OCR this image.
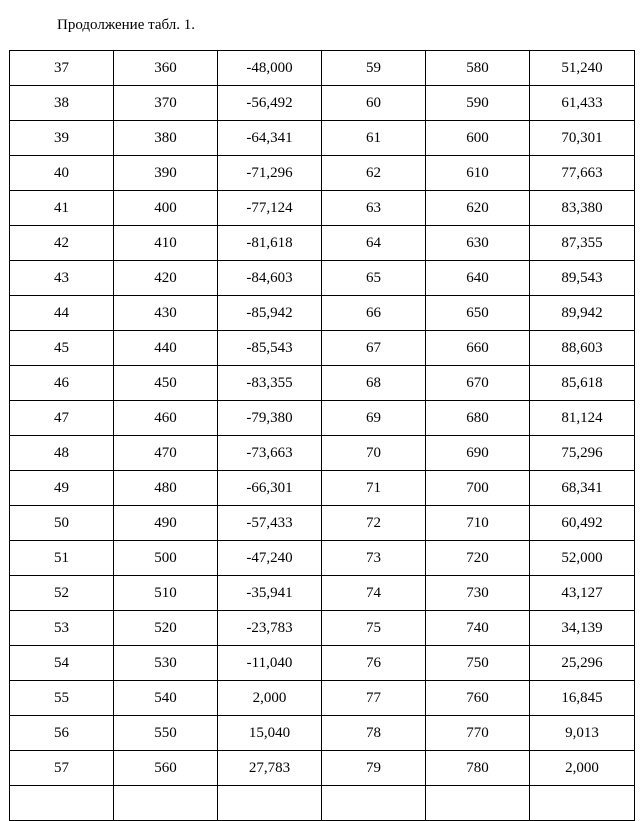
Продолжение табл. 1.
37	360	-48,000	59	580	51,240
38	370	-56,492	60	590	61,433
39	380	-64,341	61	600	70,301
40	390	-71,296	62	610	77,663
41	400	-77,124	63	620	83,380
42	410	-81,618	64	630	87,355
43	420	-84,603	65	640	89,543
44	430	-85,942	66	650	89,942
45	440	-85,543	67	660	88,603
46	450	-83,355	68	670	85,618
47	460	-79,380	69	680	81,124
48	470	-73,663	70	690	75,296
49	480	-66,301	71	700	68,341
50	490	-57,433	72	710	60,492
51	500	-47,240	73	720	52,000
52	510	-35,941	74	730	43,127
53	520	-23,783	75	740	34,139
54	530	-11,040	76	750	25,296
55	540	2,000	77	760	16,845
56	550	15,040	78	770	9,013
57	560	27,783	79	780	2,000
